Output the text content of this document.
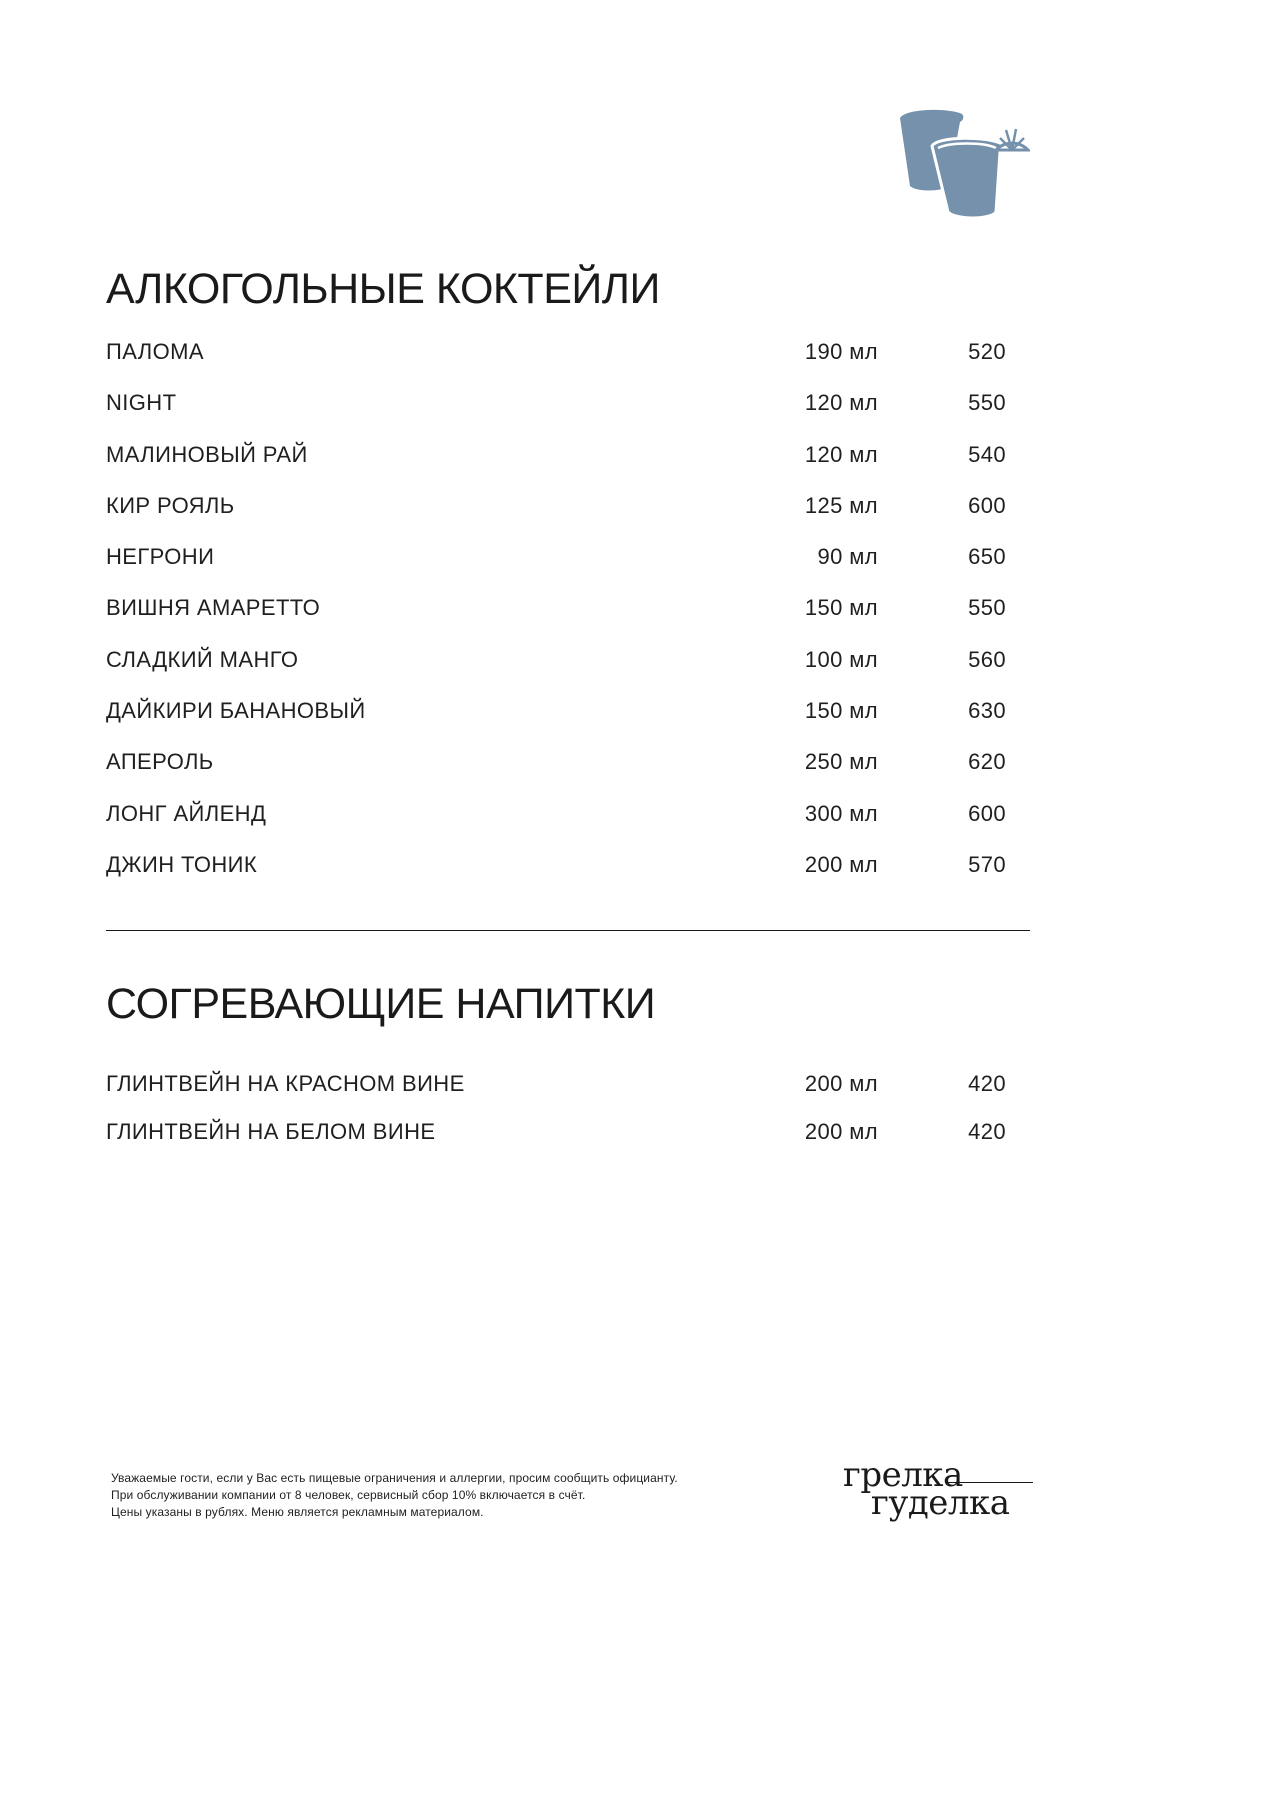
АЛКОГОЛЬНЫЕ КОКТЕЙЛИ
ПАЛОМА	190 мл	520
NIGHT	120 мл	550
МАЛИНОВЫЙ РАЙ	120 мл	540
КИР РОЯЛЬ	125 мл	600
НЕГРОНИ	90 мл	650
ВИШНЯ АМАРЕТТО	150 мл	550
СЛАДКИЙ МАНГО	100 мл	560
ДАЙКИРИ БАНАНОВЫЙ	150 мл	630
АПЕРОЛЬ	250 мл	620
ЛОНГ АЙЛЕНД	300 мл	600
ДЖИН ТОНИК	200 мл	570
СОГРЕВАЮЩИЕ НАПИТКИ
ГЛИНТВЕЙН НА КРАСНОМ ВИНЕ	200 мл	420
ГЛИНТВЕЙН НА БЕЛОМ ВИНЕ	200 мл	420
Уважаемые гости, если у Вас есть пищевые ограничения и аллергии, просим сообщить официанту.
При обслуживании компании от 8 человек, сервисный сбор 10% включается в счёт.
Цены указаны в рублях. Меню является рекламным материалом.
грелка
гуделка
